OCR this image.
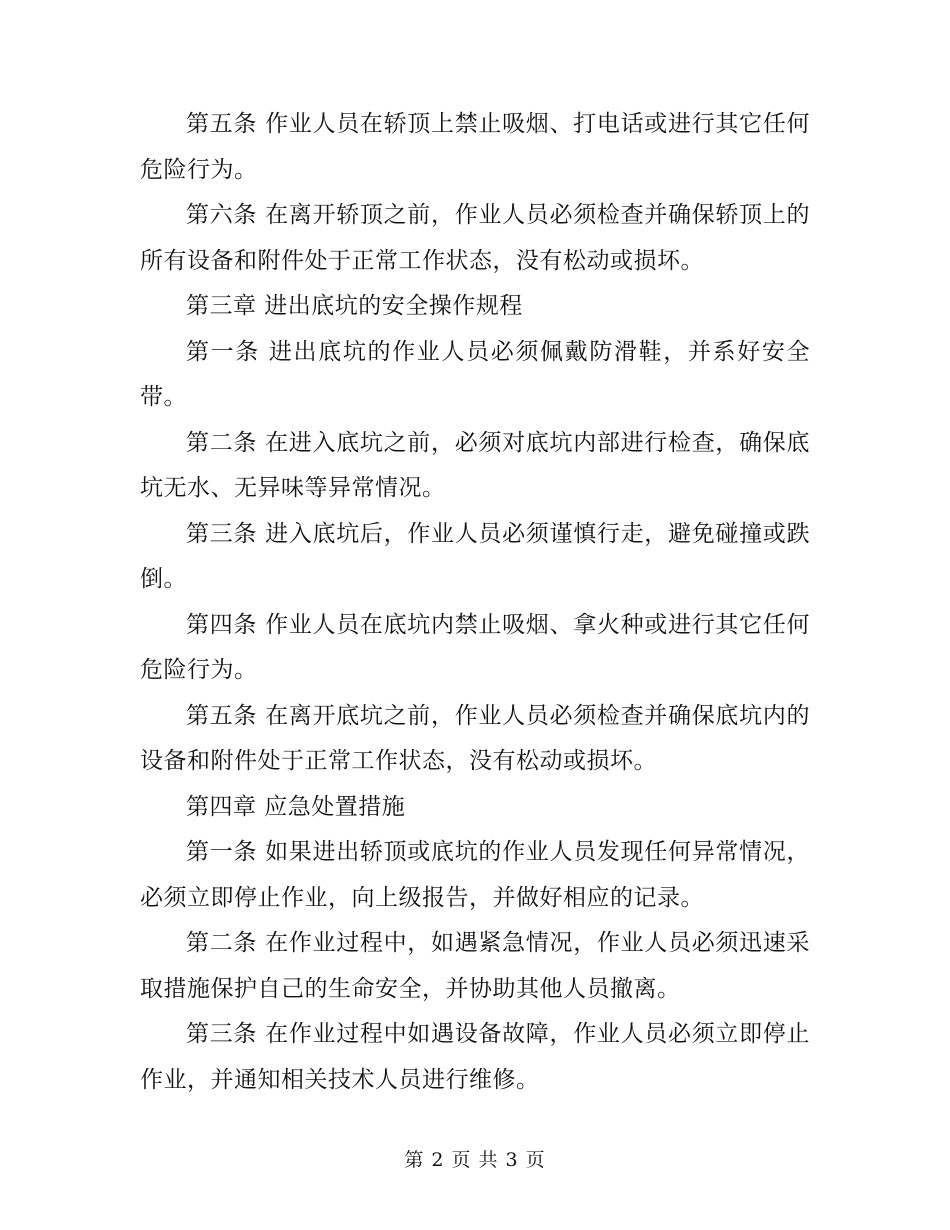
第五条 作业人员在轿顶上禁止吸烟、打电话或进行其它任何危险行为。

第六条 在离开轿顶之前，作业人员必须检查并确保轿顶上的所有设备和附件处于正常工作状态，没有松动或损坏。

第三章 进出底坑的安全操作规程

第一条 进出底坑的作业人员必须佩戴防滑鞋，并系好安全带。

第二条 在进入底坑之前，必须对底坑内部进行检查，确保底坑无水、无异味等异常情况。

第三条 进入底坑后，作业人员必须谨慎行走，避免碰撞或跌倒。

第四条 作业人员在底坑内禁止吸烟、拿火种或进行其它任何危险行为。

第五条 在离开底坑之前，作业人员必须检查并确保底坑内的设备和附件处于正常工作状态，没有松动或损坏。

第四章 应急处置措施

第一条 如果进出轿顶或底坑的作业人员发现任何异常情况，必须立即停止作业，向上级报告，并做好相应的记录。

第二条 在作业过程中，如遇紧急情况，作业人员必须迅速采取措施保护自己的生命安全，并协助其他人员撤离。

第三条 在作业过程中如遇设备故障，作业人员必须立即停止作业，并通知相关技术人员进行维修。

第 2 页 共 3 页
